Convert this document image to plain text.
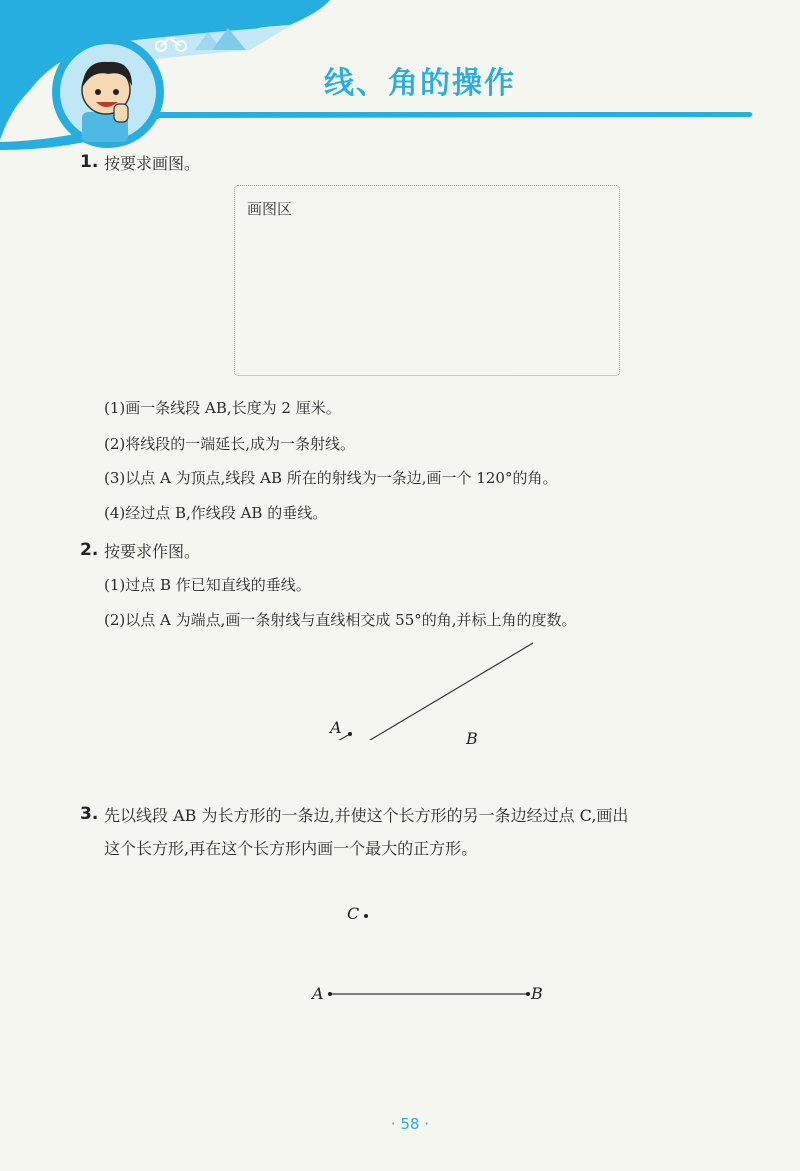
线、角的操作
1. 按要求画图。
画图区
(1)画一条线段 AB,长度为 2 厘米。
(2)将线段的一端延长,成为一条射线。
(3)以点 A 为顶点,线段 AB 所在的射线为一条边,画一个 120°的角。
(4)经过点 B,作线段 AB 的垂线。
2. 按要求作图。
(1)过点 B 作已知直线的垂线。
(2)以点 A 为端点,画一条射线与直线相交成 55°的角,并标上角的度数。
A
B
3. 先以线段 AB 为长方形的一条边,并使这个长方形的另一条边经过点 C,画出
这个长方形,再在这个长方形内画一个最大的正方形。
C
A	B
· 58 ·
